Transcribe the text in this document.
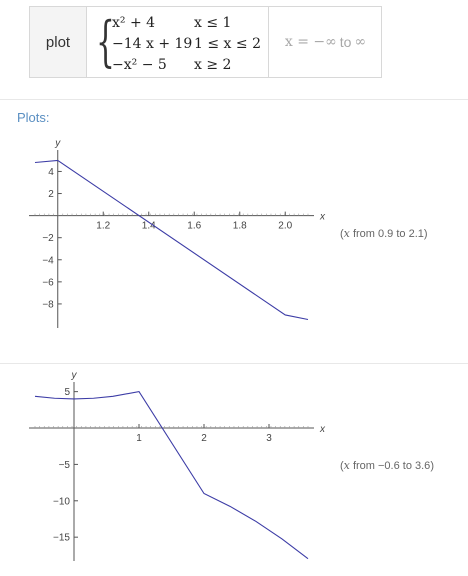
plot {
x² + 4	x ≤ 1
−14 x + 19 1 ≤ x ≤ 2
−x² − 5 x ≥ 2
x
=
−∞ to ∞
Plots:
1.2	1.4	1.6	1.8	2.0
4
2
−2
−4
−6
−8
x
y
(x from 0.9 to 2.1)
1	2	3
5
−5
−10
−15
x
y
(x from −0.6 to 3.6)
